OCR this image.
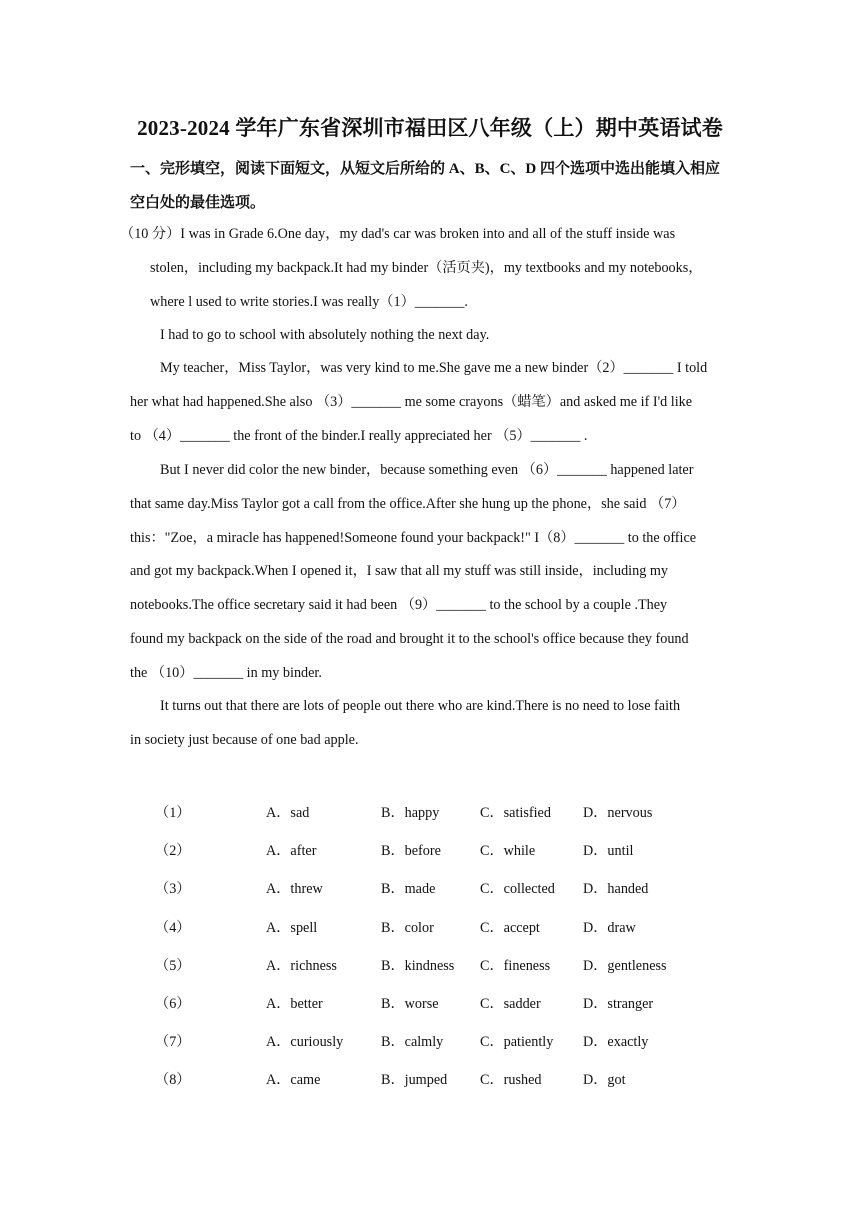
2023-2024 学年广东省深圳市福田区八年级（上）期中英语试卷
一、完形填空，阅读下面短文，从短文后所给的 A、B、C、D 四个选项中选出能填入相应
空白处的最佳选项。
（10 分）I was in Grade 6.One day，my dad's car was broken into and all of the stuff inside was
stolen，including my backpack.It had my binder（活页夹)，my textbooks and my notebooks，
where l used to write stories.I was really（1）_______.
I had to go to school with absolutely nothing the next day.
My teacher，Miss Taylor，was very kind to me.She gave me a new binder（2）_______ I told
her what had happened.She also （3）_______ me some crayons（蜡笔）and asked me if I'd like
to （4）_______ the front of the binder.I really appreciated her （5）_______ .
But I never did color the new binder，because something even （6）_______ happened later
that same day.Miss Taylor got a call from the office.After she hung up the phone，she said （7）
this："Zoe，a miracle has happened!Someone found your backpack!" I（8）_______ to the office
and got my backpack.When I opened it，I saw that all my stuff was still inside，including my
notebooks.The office secretary said it had been （9）_______ to the school by a couple .They
found my backpack on the side of the road and brought it to the school's office because they found
the （10）_______ in my binder.
It turns out that there are lots of people out there who are kind.There is no need to lose faith
in society just because of one bad apple.
（1）	A．sad	B．happy	C．satisfied D．nervous
（2）	A．after	B．before	C．while	D．until
（3）	A．threw	B．made	C．collected D．handed
（4）	A．spell	B．color	C．accept	D．draw
（5）	A．richness	B．kindness C．fineness D．gentleness
（6）	A．better	B．worse	C．sadder	D．stranger
（7）	A．curiously	B．calmly	C．patiently D．exactly
（8）	A．came	B．jumped C．rushed	D．got
